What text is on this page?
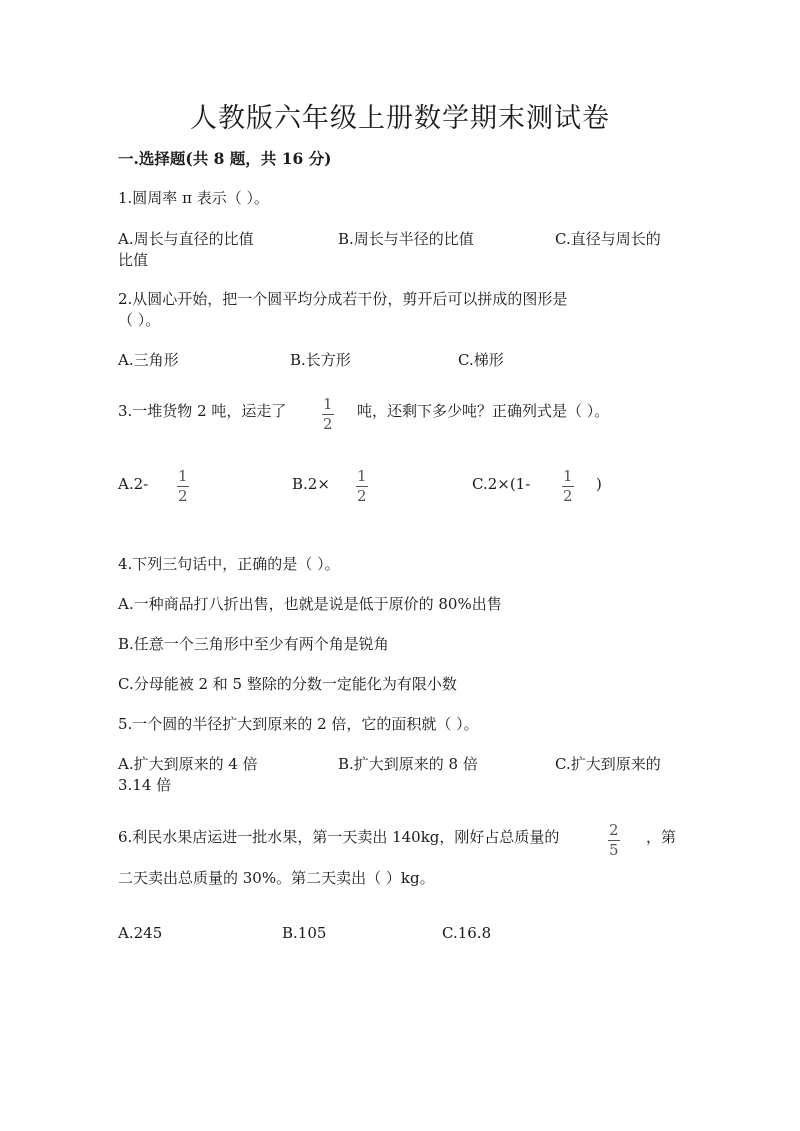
人教版六年级上册数学期末测试卷
一.选择题(共 8 题，共 16 分)
1.圆周率 π 表示（ ）。
A.周长与直径的比值	B.周长与半径的比值	C.直径与周长的
比值
2.从圆心开始，把一个圆平均分成若干份，剪开后可以拼成的图形是
（ ）。
A.三角形	B.长方形	C.梯形
3.一堆货物 2 吨，运走了 1
2
吨，还剩下多少吨？正确列式是（ ）。
A.2- 1
2
B.2× 1
2
C.2×(1- 1
2
)
4.下列三句话中，正确的是（ ）。
A.一种商品打八折出售，也就是说是低于原价的 80%出售
B.任意一个三角形中至少有两个角是锐角
C.分母能被 2 和 5 整除的分数一定能化为有限小数
5.一个圆的半径扩大到原来的 2 倍，它的面积就（ ）。
A.扩大到原来的 4 倍	B.扩大到原来的 8 倍	C.扩大到原来的
3.14 倍
6.利民水果店运进一批水果，第一天卖出 140kg，刚好占总质量的	2
5
，第
二天卖出总质量的 30%。第二天卖出（ ）kg。
A.245	B.105	C.16.8
